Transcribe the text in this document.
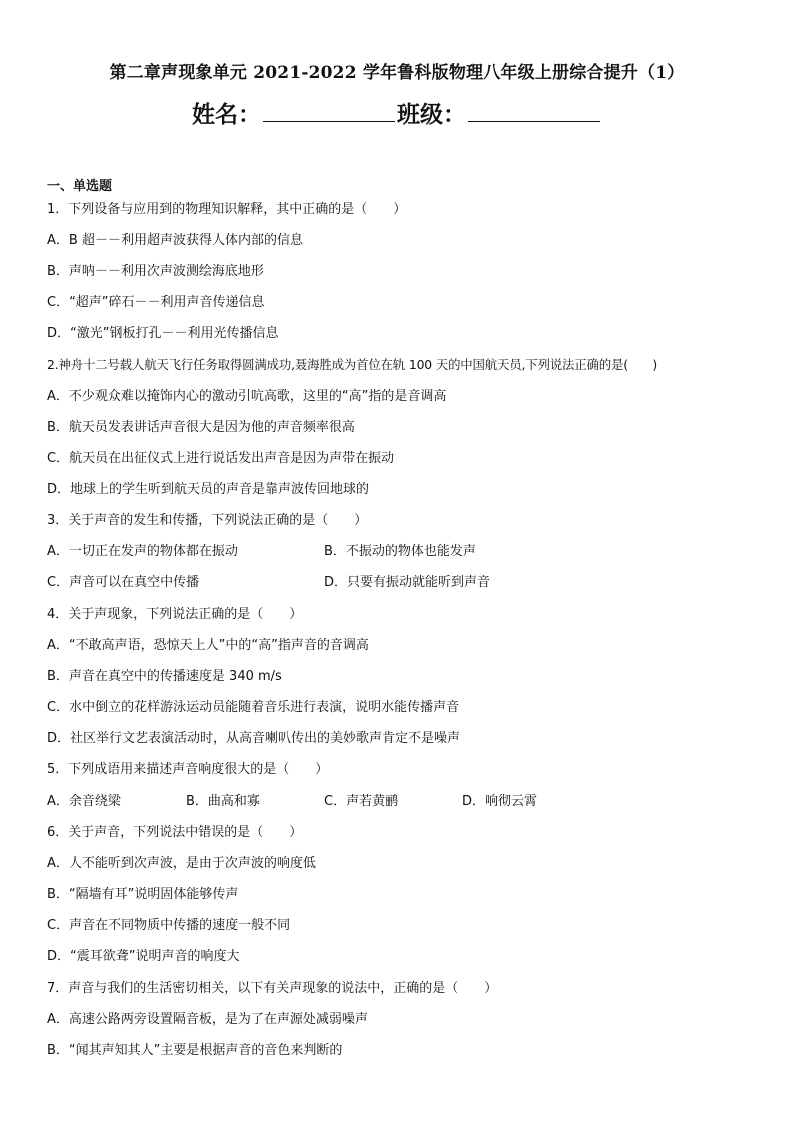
第二章声现象单元 2021-2022 学年鲁科版物理八年级上册综合提升（1）
姓名：	班级：
一、单选题
1．下列设备与应用到的物理知识解释，其中正确的是（　　）
A．B 超－－利用超声波获得人体内部的信息
B．声呐－－利用次声波测绘海底地形
C．“超声”碎石－－利用声音传递信息
D．“激光”钢板打孔－－利用光传播信息
2.神舟十二号载人航天飞行任务取得圆满成功,聂海胜成为首位在轨 100 天的中国航天员,下列说法正确的是(　　)
A．不少观众难以掩饰内心的激动引吭高歌，这里的“高”指的是音调高
B．航天员发表讲话声音很大是因为他的声音频率很高
C．航天员在出征仪式上进行说话发出声音是因为声带在振动
D．地球上的学生听到航天员的声音是靠声波传回地球的
3．关于声音的发生和传播，下列说法正确的是（　　）
A．一切正在发声的物体都在振动	B．不振动的物体也能发声
C．声音可以在真空中传播	D．只要有振动就能听到声音
4．关于声现象，下列说法正确的是（　　）
A．“不敢高声语，恐惊天上人”中的“高”指声音的音调高
B．声音在真空中的传播速度是 340 m/s
C．水中倒立的花样游泳运动员能随着音乐进行表演，说明水能传播声音
D．社区举行文艺表演活动时，从高音喇叭传出的美妙歌声肯定不是噪声
5．下列成语用来描述声音响度很大的是（　　）
A．余音绕梁	B．曲高和寡	C．声若黄鹂	D．响彻云霄
6．关于声音，下列说法中错误的是（　　）
A．人不能听到次声波，是由于次声波的响度低
B．“隔墙有耳”说明固体能够传声
C．声音在不同物质中传播的速度一般不同
D．“震耳欲聋”说明声音的响度大
7．声音与我们的生活密切相关，以下有关声现象的说法中，正确的是（　　）
A．高速公路两旁设置隔音板，是为了在声源处减弱噪声
B．“闻其声知其人”主要是根据声音的音色来判断的
